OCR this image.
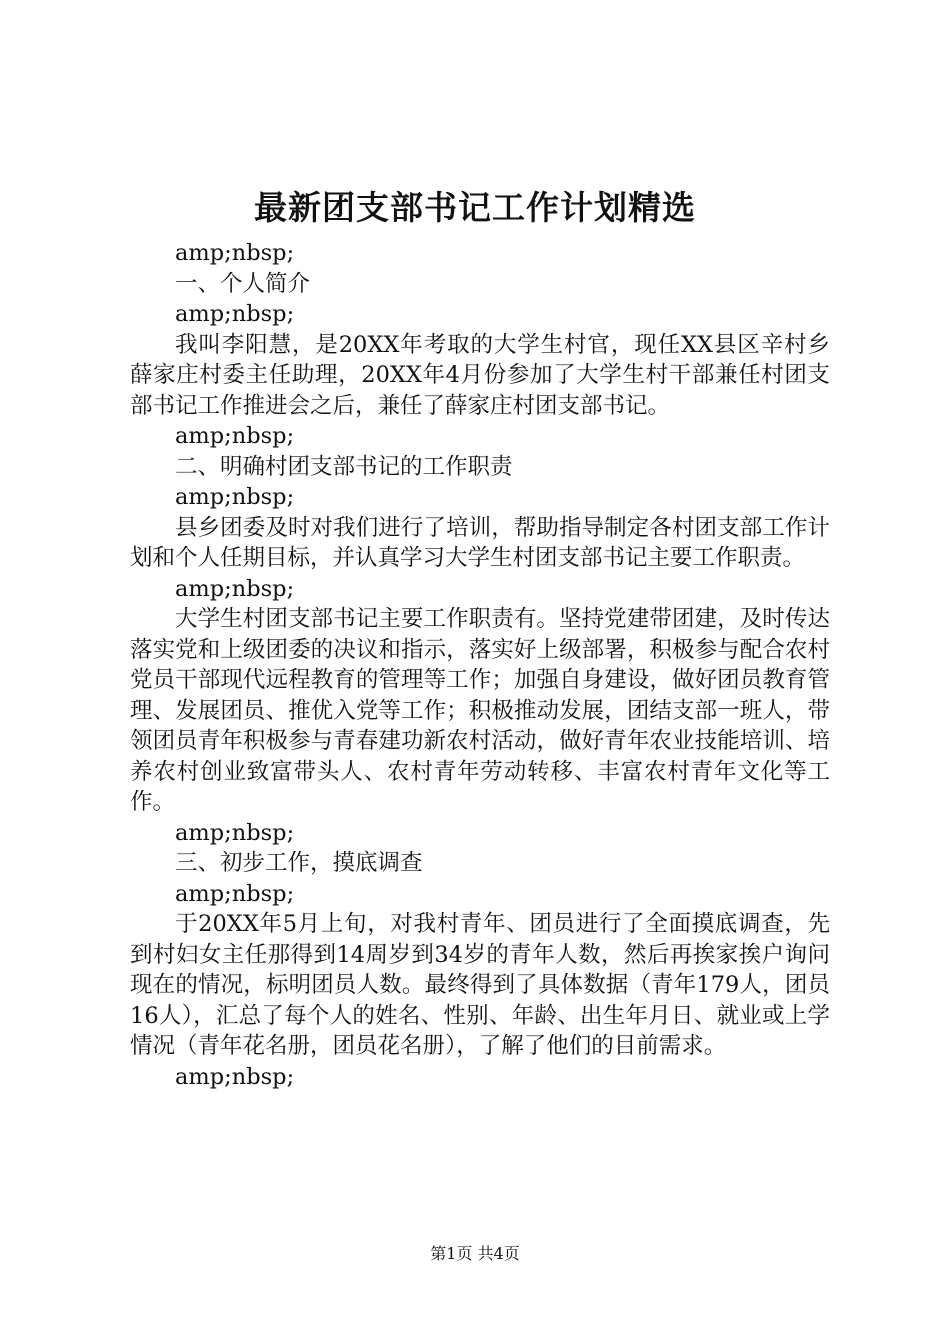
最新团支部书记工作计划精选

amp;nbsp;

一、个人简介

amp;nbsp;

我叫李阳慧，是20XX年考取的大学生村官，现任XX县区辛村乡薛家庄村委主任助理，20XX年4月份参加了大学生村干部兼任村团支部书记工作推进会之后，兼任了薛家庄村团支部书记。

amp;nbsp;

二、明确村团支部书记的工作职责

amp;nbsp;

县乡团委及时对我们进行了培训，帮助指导制定各村团支部工作计划和个人任期目标，并认真学习大学生村团支部书记主要工作职责。

amp;nbsp;

大学生村团支部书记主要工作职责有。坚持党建带团建，及时传达落实党和上级团委的决议和指示，落实好上级部署，积极参与配合农村党员干部现代远程教育的管理等工作；加强自身建设，做好团员教育管理、发展团员、推优入党等工作；积极推动发展，团结支部一班人，带领团员青年积极参与青春建功新农村活动，做好青年农业技能培训、培养农村创业致富带头人、农村青年劳动转移、丰富农村青年文化等工作。

amp;nbsp;

三、初步工作，摸底调查

amp;nbsp;

于20XX年5月上旬，对我村青年、团员进行了全面摸底调查，先到村妇女主任那得到14周岁到34岁的青年人数，然后再挨家挨户询问现在的情况，标明团员人数。最终得到了具体数据（青年179人，团员16人），汇总了每个人的姓名、性别、年龄、出生年月日、就业或上学情况（青年花名册，团员花名册），了解了他们的目前需求。

amp;nbsp;

第1页 共4页
